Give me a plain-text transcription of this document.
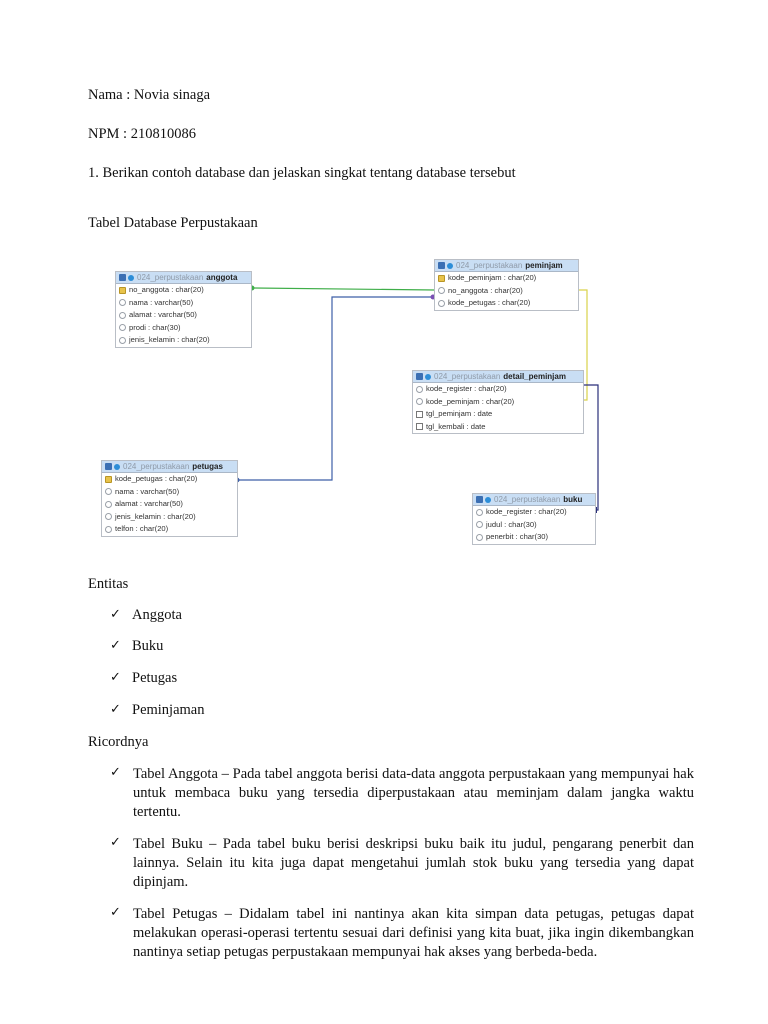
Nama : Novia sinaga
NPM : 210810086
1. Berikan contoh database dan jelaskan singkat tentang database tersebut
Tabel Database Perpustakaan
024_perpustakaan anggota
no_anggota : char(20)
nama : varchar(50)
alamat : varchar(50)
prodi : char(30)
jenis_kelamin : char(20)
024_perpustakaan peminjam
kode_peminjam : char(20)
no_anggota : char(20)
kode_petugas : char(20)
024_perpustakaan detail_peminjam
kode_register : char(20)
kode_peminjam : char(20)
tgl_peminjam : date
tgl_kembali : date
024_perpustakaan petugas
kode_petugas : char(20)
nama : varchar(50)
alamat : varchar(50)
jenis_kelamin : char(20)
telfon : char(20)
024_perpustakaan buku
kode_register : char(20)
judul : char(30)
penerbit : char(30)
Entitas
✓ Anggota
✓ Buku
✓ Petugas
✓ Peminjaman
Ricordnya
✓ Tabel Anggota – Pada tabel anggota berisi data-data anggota perpustakaan yang mempunyai hak untuk membaca buku yang tersedia diperpustakaan atau meminjam dalam jangka waktu tertentu.
✓ Tabel Buku – Pada tabel buku berisi deskripsi buku baik itu judul, pengarang penerbit dan lainnya. Selain itu kita juga dapat mengetahui jumlah stok buku yang tersedia yang dapat dipinjam.
✓ Tabel Petugas – Didalam tabel ini nantinya akan kita simpan data petugas, petugas dapat melakukan operasi-operasi tertentu sesuai dari definisi yang kita buat, jika ingin dikembangkan nantinya setiap petugas perpustakaan mempunyai hak akses yang berbeda-beda.
